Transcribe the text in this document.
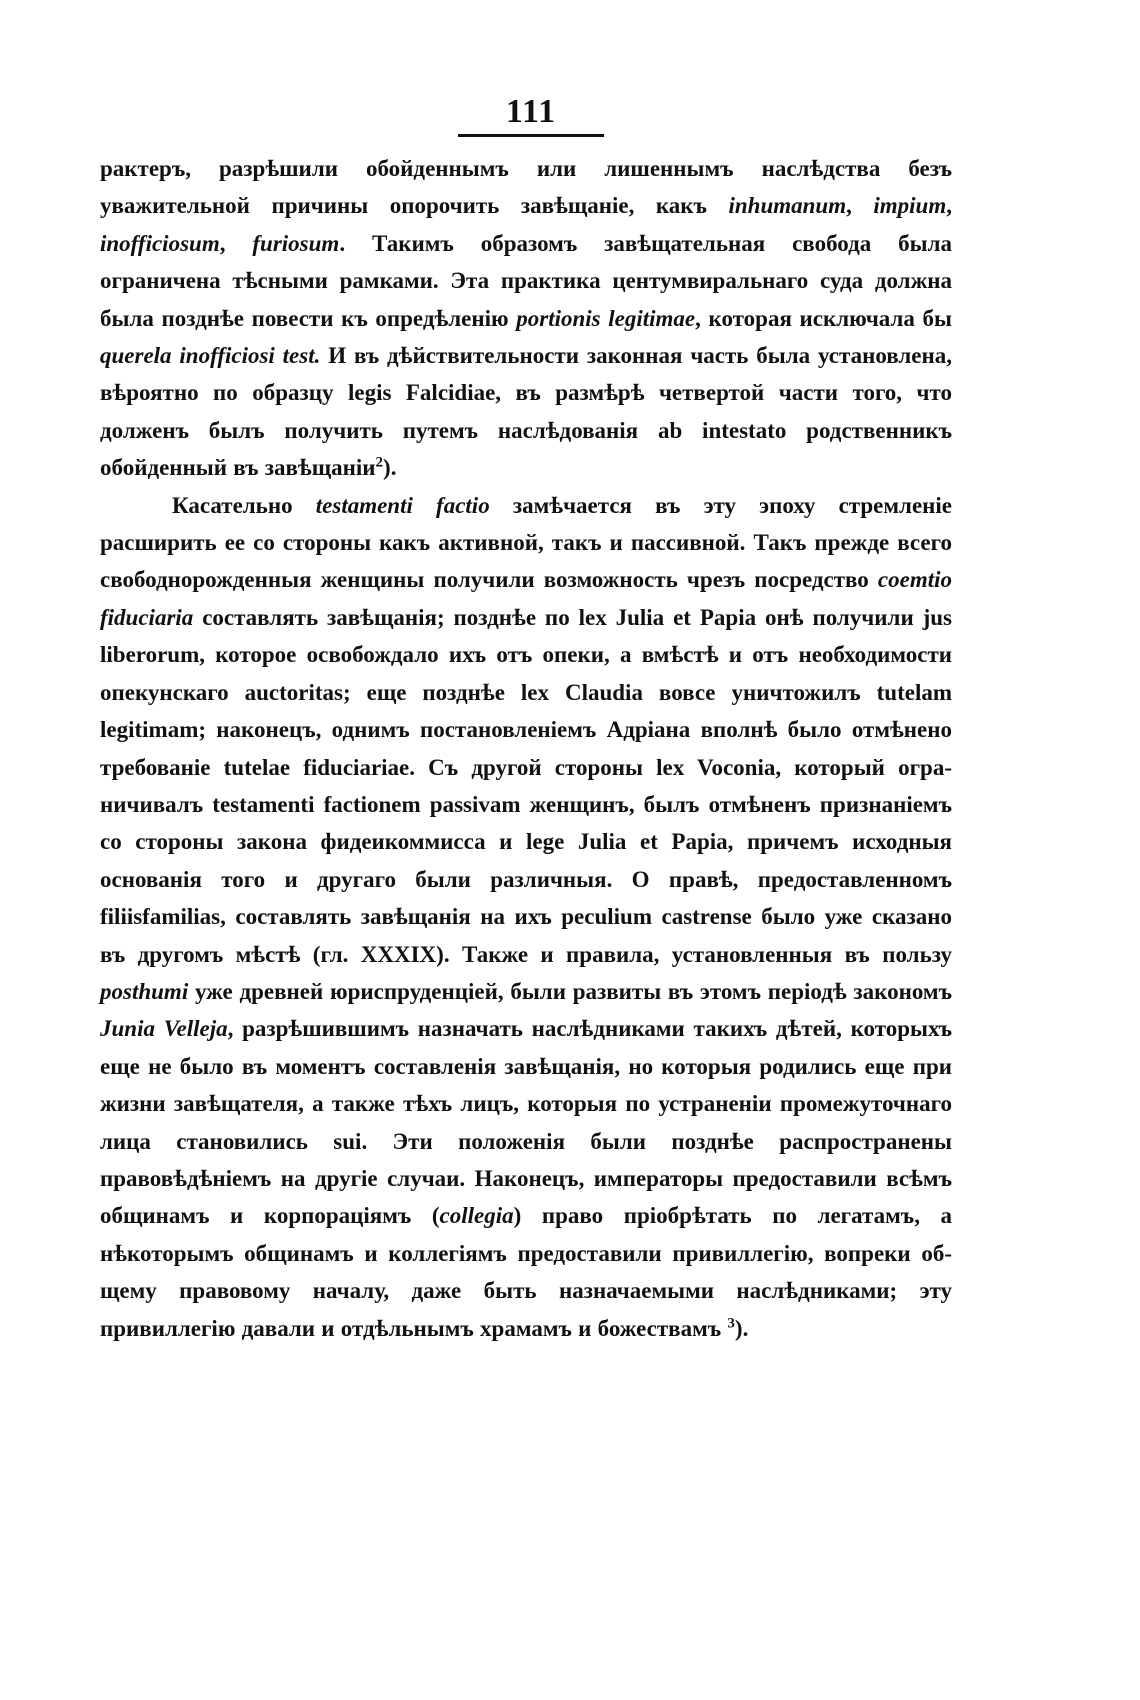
111

рактеръ, разрѣшили обойденнымъ или лишеннымъ наслѣдства безъ уважительной причины опорочить завѣщаніе, какъ inhumanum, impium, inofficiosum, furiosum. Такимъ образомъ завѣщательная свобода была ограничена тѣсными рамками. Эта практика центумвиральнаго суда должна была позднѣе повести къ опредѣленію portionis legitimae, которая исключала бы querela inofficiosi test. И въ дѣйствительности законная часть была установлена, вѣроятно по образцу legis Falcidiae, въ размѣрѣ четвертой части того, что долженъ былъ получить путемъ наслѣдованія ab intestato родственникъ обойденный въ завѣщаніи$^2$).

Касательно testamenti factio замѣчается въ эту эпоху стремленіе расширить ее со стороны какъ активной, такъ и пассивной. Такъ прежде всего свободнорожденныя женщины получили возможность чрезъ посредство coemtio fiduciaria составлять завѣщанія; позднѣе по lex Julia et Papia онѣ получили jus liberorum, которое освобождало ихъ отъ опеки, а вмѣстѣ и отъ необходимости опекунскаго auctoritas; еще позднѣе lex Claudia вовсе уничтожилъ tutelam legitimam; наконецъ, однимъ постановленіемъ Адріана вполнѣ было отмѣнено требованіе tutelae fiduciariae. Съ другой стороны lex Voconia, который ограничивалъ testamenti factionem passivam женщинъ, былъ отмѣненъ признаніемъ со стороны закона фидеикоммисса и lege Julia et Papia, причемъ исходныя основанія того и другаго были различныя. О правѣ, предоставленномъ filiisfamilias, составлять завѣщанія на ихъ peculium castrense было уже сказано въ другомъ мѣстѣ (гл. XXXIX). Также и правила, установленныя въ пользу posthumi уже древней юриспруденціей, были развиты въ этомъ періодѣ закономъ Junia Velleja, разрѣшившимъ назначать наслѣдниками такихъ дѣтей, которыхъ еще не было въ моментъ составленія завѣщанія, но которыя родились еще при жизни завѣщателя, а также тѣхъ лицъ, которыя по устраненіи промежуточнаго лица становились sui. Эти положенія были позднѣе распространены правовѣдѣніемъ на другіе случаи. Наконецъ, императоры предоставили всѣмъ общинамъ и корпораціямъ (collegia) право пріобрѣтать по легатамъ, а нѣкоторымъ общинамъ и коллегіямъ предоставили привиллегію, вопреки общему правовому началу, даже быть назначаемыми наслѣдниками; эту привиллегію давали и отдѣльнымъ храмамъ и божествамъ $^3$).
